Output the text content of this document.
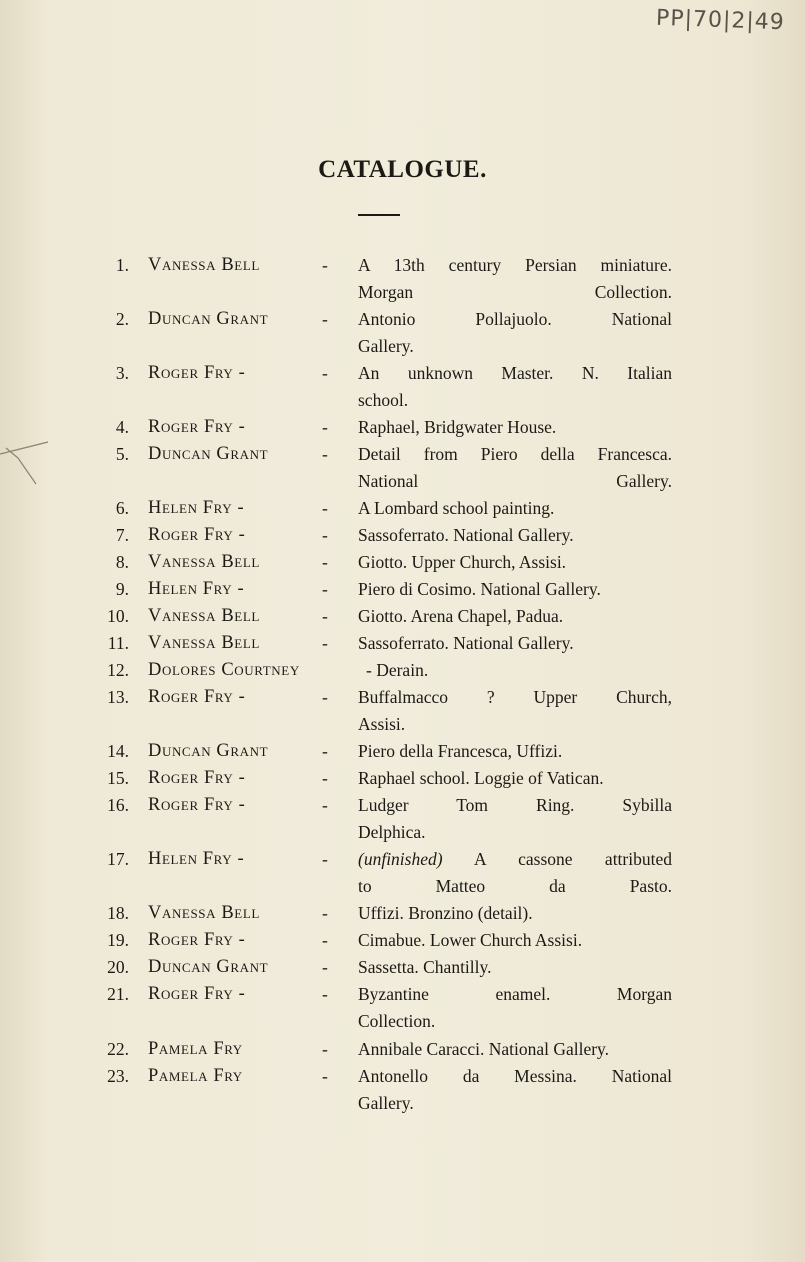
PP|70|2|49
CATALOGUE.
1. Vanessa Bell	- A 13th century Persian miniature.
Morgan Collection.
2. Duncan Grant	- Antonio Pollajuolo. National
Gallery.
3. Roger Fry -	- An unknown Master. N. Italian
school.
4. Roger Fry -	- Raphael, Bridgwater House.
5. Duncan Grant	- Detail from Piero della Francesca.
National Gallery.
6. Helen Fry -	- A Lombard school painting.
7. Roger Fry -	- Sassoferrato. National Gallery.
8. Vanessa Bell	- Giotto. Upper Church, Assisi.
9. Helen Fry -	- Piero di Cosimo. National Gallery.
10. Vanessa Bell	- Giotto. Arena Chapel, Padua.
11. Vanessa Bell	- Sassoferrato. National Gallery.
12. Dolores Courtney	- Derain.
13. Roger Fry -	- Buffalmacco ? Upper Church,
Assisi.
14. Duncan Grant	- Piero della Francesca, Uffizi.
15. Roger Fry -	- Raphael school. Loggie of Vatican.
16. Roger Fry -	- Ludger Tom Ring. Sybilla
Delphica.
17. Helen Fry -	- (unfinished) A cassone attributed
to Matteo da Pasto.
18. Vanessa Bell	- Uffizi. Bronzino (detail).
19. Roger Fry -	- Cimabue. Lower Church Assisi.
20. Duncan Grant	- Sassetta. Chantilly.
21. Roger Fry -	- Byzantine enamel. Morgan
Collection.
22. Pamela Fry	- Annibale Caracci. National Gallery.
23. Pamela Fry	- Antonello da Messina. National
Gallery.
